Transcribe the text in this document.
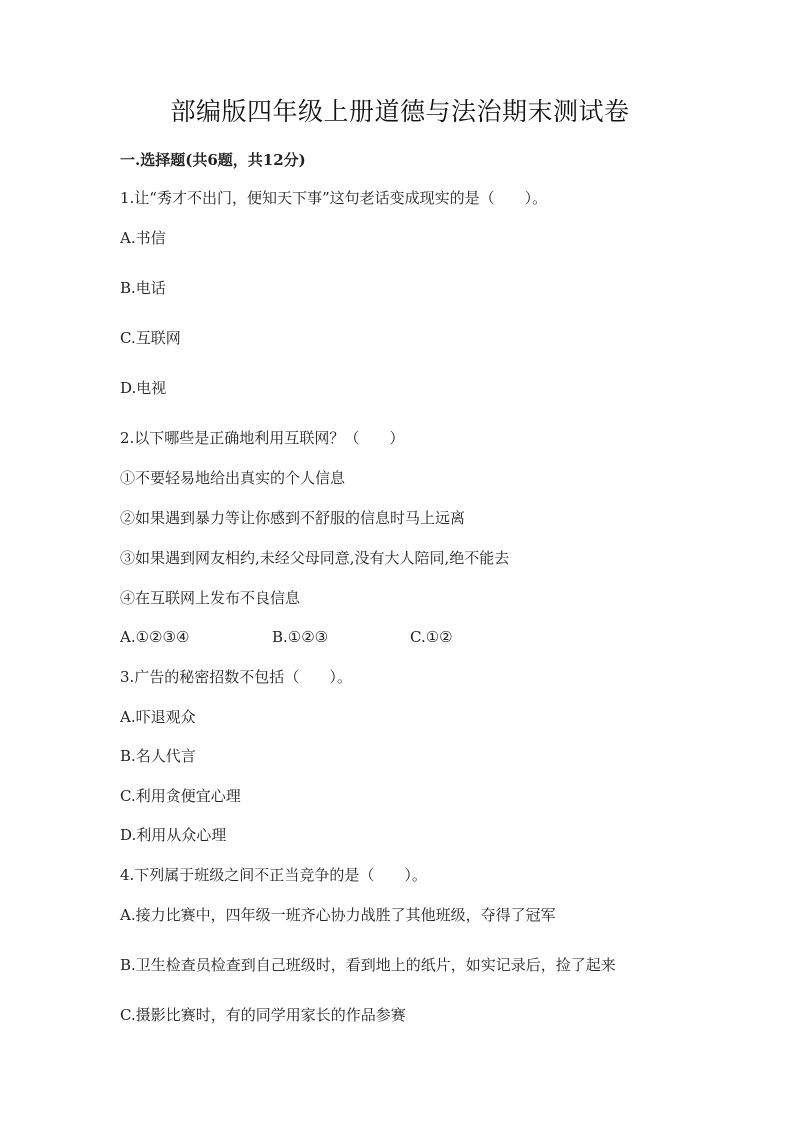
部编版四年级上册道德与法治期末测试卷
一.选择题(共6题，共12分)
1.让“秀才不出门，便知天下事”这句老话变成现实的是（　　）。
A.书信
B.电话
C.互联网
D.电视
2.以下哪些是正确地利用互联网？（　　）
①不要轻易地给出真实的个人信息
②如果遇到暴力等让你感到不舒服的信息时马上远离
③如果遇到网友相约,未经父母同意,没有大人陪同,绝不能去
④在互联网上发布不良信息
A.①②③④	B.①②③	C.①②
3.广告的秘密招数不包括（　　）。
A.吓退观众
B.名人代言
C.利用贪便宜心理
D.利用从众心理
4.下列属于班级之间不正当竞争的是（　　）。
A.接力比赛中，四年级一班齐心协力战胜了其他班级，夺得了冠军
B.卫生检查员检查到自己班级时，看到地上的纸片，如实记录后，捡了起来
C.摄影比赛时，有的同学用家长的作品参赛
